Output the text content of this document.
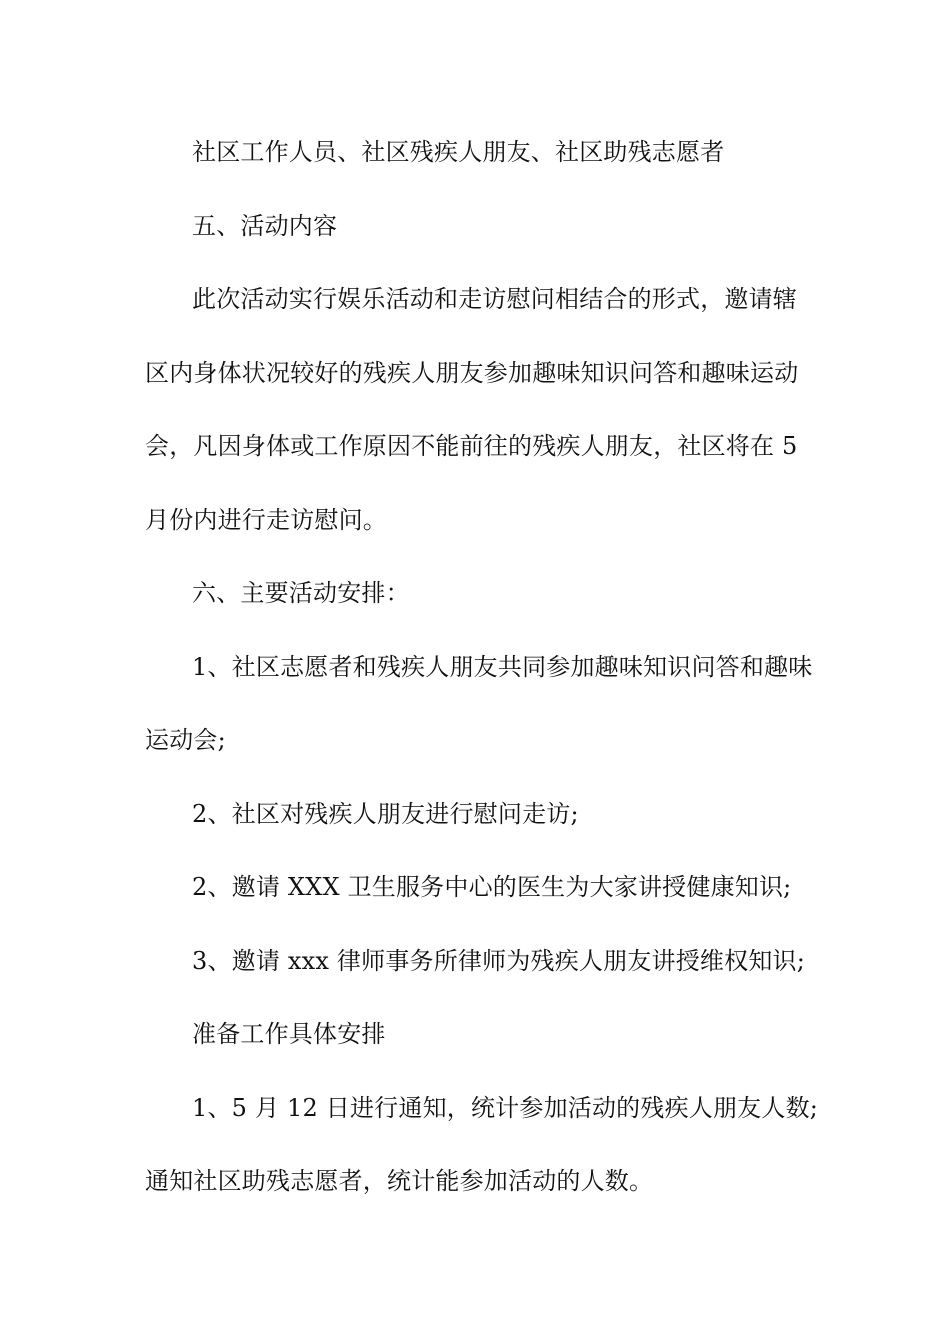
社区工作人员、社区残疾人朋友、社区助残志愿者
五、活动内容
此次活动实行娱乐活动和走访慰问相结合的形式，邀请辖
区内身体状况较好的残疾人朋友参加趣味知识问答和趣味运动
会，凡因身体或工作原因不能前往的残疾人朋友，社区将在 5
月份内进行走访慰问。
六、主要活动安排：
1、社区志愿者和残疾人朋友共同参加趣味知识问答和趣味
运动会;
2、社区对残疾人朋友进行慰问走访;
2、邀请 XXX 卫生服务中心的医生为大家讲授健康知识;
3、邀请 xxx 律师事务所律师为残疾人朋友讲授维权知识;
准备工作具体安排
1、5 月 12 日进行通知，统计参加活动的残疾人朋友人数;
通知社区助残志愿者，统计能参加活动的人数。
